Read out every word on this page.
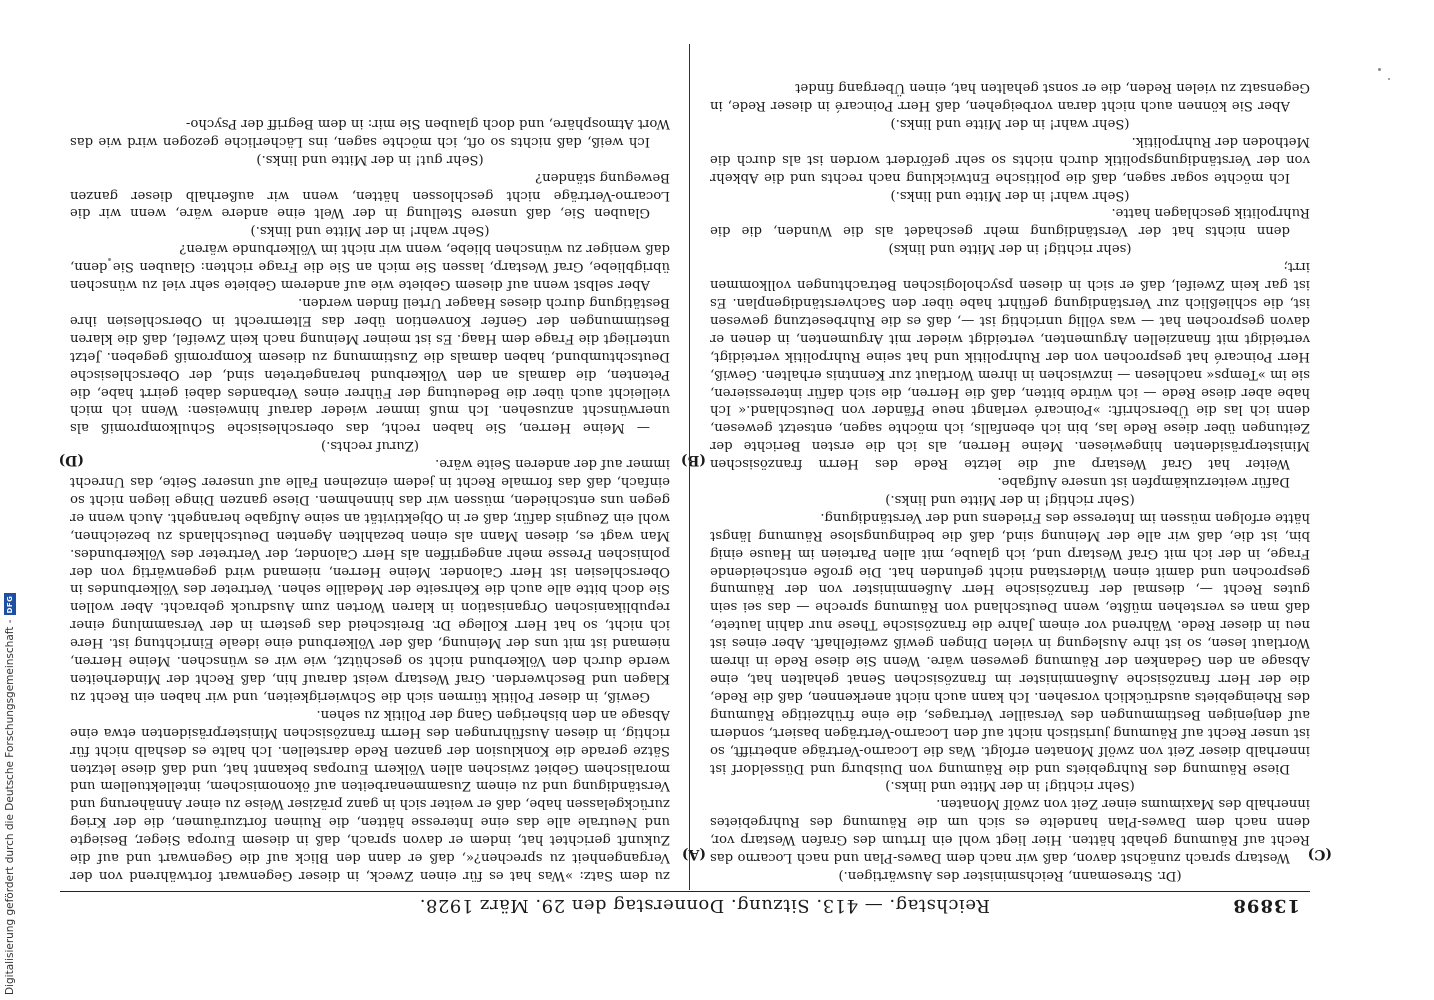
Digitalisierung gefördert durch die Deutsche Forschungsgemeinschaft -
DFG
13898
Reichstag. — 413. Sitzung. Donnerstag den 29. März 1928.
(A)
(B)
(C)
(D)

(Dr. Stresemann, Reichsminister des Auswärtigen.)

Westarp sprach zunächst davon, daß wir nach dem Dawes-Plan und nach Locarno das Recht auf Räumung gehabt hätten. Hier liegt wohl ein Irrtum des Grafen Westarp vor, denn nach dem Dawes-Plan handelte es sich um die Räumung des Ruhrgebietes innerhalb des Maximums einer Zeit von zwölf Monaten.

(Sehr richtig! in der Mitte und links.)

Diese Räumung des Ruhrgebiets und die Räumung von Duisburg und Düsseldorf ist innerhalb dieser Zeit von zwölf Monaten erfolgt. Was die Locarno-Verträge anbetrifft, so ist unser Recht auf Räumung juristisch nicht auf den Locarno-Verträgen basiert, sondern auf denjenigen Bestimmungen des Versailler Vertrages, die eine frühzeitige Räumung des Rheingebiets ausdrücklich vorsehen. Ich kann auch nicht anerkennen, daß die Rede, die der Herr französische Außenminister im französischen Senat gehalten hat, eine Absage an den Gedanken der Räumung gewesen wäre. Wenn Sie diese Rede in ihrem Wortlaut lesen, so ist ihre Auslegung in vielen Dingen gewiß zweifelhaft. Aber eines ist neu in dieser Rede. Während vor einem Jahre die französische These nur dahin lautete, daß man es verstehen müßte, wenn Deutschland von Räumung spreche — das sei sein gutes Recht —, diesmal der französische Herr Außenminister von der Räumung gesprochen und damit einen Widerstand nicht gefunden hat. Die große entscheidende Frage, in der ich mit Graf Westarp und, ich glaube, mit allen Parteien im Hause einig bin, ist die, daß wir alle der Meinung sind, daß die bedingungslose Räumung längst hätte erfolgen müssen im Interesse des Friedens und der Verständigung.

(Sehr richtig! in der Mitte und links.)

Dafür weiterzukämpfen ist unsere Aufgabe.

Weiter hat Graf Westarp auf die letzte Rede des Herrn französischen Ministerpräsidenten hingewiesen. Meine Herren, als ich die ersten Berichte der Zeitungen über diese Rede las, bin ich ebenfalls, ich möchte sagen, entsetzt gewesen, denn ich las die Überschrift: »Poincaré verlangt neue Pfänder von Deutschland.« Ich habe aber diese Rede — ich würde bitten, daß die Herren, die sich dafür interessieren, sie im »Temps« nachlesen — inzwischen in ihrem Wortlaut zur Kenntnis erhalten. Gewiß, Herr Poincaré hat gesprochen von der Ruhrpolitik und hat seine Ruhrpolitik verteidigt, verteidigt mit finanziellen Argumenten, verteidigt wieder mit Argumenten, in denen er davon gesprochen hat — was völlig unrichtig ist —, daß es die Ruhrbesetzung gewesen ist, die schließlich zur Verständigung geführt habe über den Sachverständigenplan. Es ist gar kein Zweifel, daß er sich in diesen psychologischen Betrachtungen vollkommen irrt;

(sehr richtig! in der Mitte und links)

denn nichts hat der Verständigung mehr geschadet als die Wunden, die die Ruhrpolitik geschlagen hatte.

(Sehr wahr! in der Mitte und links.)

Ich möchte sogar sagen, daß die politische Entwicklung nach rechts und die Abkehr von der Verständigungspolitik durch nichts so sehr gefördert worden ist als durch die Methoden der Ruhrpolitik.

(Sehr wahr! in der Mitte und links.)

Aber Sie können auch nicht daran vorbeigehen, daß Herr Poincaré in dieser Rede, in Gegensatz zu vielen Reden, die er sonst gehalten hat, einen Übergang findet

zu dem Satz: »Was hat es für einen Zweck, in dieser Gegenwart fortwährend von der Vergangenheit zu sprechen?«, daß er dann den Blick auf die Gegenwart und auf die Zukunft gerichtet hat, indem er davon sprach, daß in diesem Europa Sieger, Besiegte und Neutrale alle das eine Interesse hätten, die Ruinen fortzuräumen, die der Krieg zurückgelassen habe, daß er weiter sich in ganz präziser Weise zu einer Annäherung und Verständigung und zu einem Zusammenarbeiten auf ökonomischem, intellektuellem und moralischem Gebiet zwischen allen Völkern Europas bekannt hat, und daß diese letzten Sätze gerade die Konklusion der ganzen Rede darstellen. Ich halte es deshalb nicht für richtig, in diesen Ausführungen des Herrn französischen Ministerpräsidenten etwa eine Absage an den bisherigen Gang der Politik zu sehen.

Gewiß, in dieser Politik türmen sich die Schwierigkeiten, und wir haben ein Recht zu Klagen und Beschwerden. Graf Westarp weist darauf hin, daß Recht der Minderheiten werde durch den Völkerbund nicht so geschützt, wie wir es wünschen. Meine Herren, niemand ist mit uns der Meinung, daß der Völkerbund eine ideale Einrichtung ist. Here ich nicht, so hat Herr Kollege Dr. Breitscheid das gestern in der Versammlung einer republikanischen Organisation in klaren Worten zum Ausdruck gebracht. Aber wollen Sie doch bitte alle auch die Kehrseite der Medaille sehen. Vertreter des Völkerbundes in Oberschlesien ist Herr Calonder. Meine Herren, niemand wird gegenwärtig von der polnischen Presse mehr angegriffen als Herr Calonder, der Vertreter des Völkerbundes. Man wagt es, diesen Mann als einen bezahlten Agenten Deutschlands zu bezeichnen, wohl ein Zeugnis dafür, daß er in Objektivität an seine Aufgabe herangeht. Auch wenn er gegen uns entschieden, müssen wir das hinnehmen. Diese ganzen Dinge liegen nicht so einfach, daß das formale Recht in jedem einzelnen Falle auf unserer Seite, das Unrecht immer auf der anderen Seite wäre.

(Zuruf rechts.)

— Meine Herren, Sie haben recht, das oberschlesische Schulkompromiß als unerwünscht anzusehen. Ich muß immer wieder darauf hinweisen: Wenn ich mich vielleicht auch über die Bedeutung der Führer eines Verbandes dabei geirrt habe, die Petenten, die damals an den Völkerbund herangetreten sind, der Oberschlesische Deutschtumbund, haben damals die Zustimmung zu diesem Kompromiß gegeben. Jetzt unterliegt die Frage dem Haag. Es ist meiner Meinung nach kein Zweifel, daß die klaren Bestimmungen der Genfer Konvention über das Elternrecht in Oberschlesien ihre Bestätigung durch dieses Haager Urteil finden werden.

Aber selbst wenn auf diesem Gebiete wie auf anderem Gebiete sehr viel zu wünschen übrigbliebe, Graf Westarp, lassen Sie mich an Sie die Frage richten: Glauben Sie denn, daß weniger zu wünschen bliebe, wenn wir nicht im Völkerbunde wären?

(Sehr wahr! in der Mitte und links.)

Glauben Sie, daß unsere Stellung in der Welt eine andere wäre, wenn wir die Locarno-Verträge nicht geschlossen hätten, wenn wir außerhalb dieser ganzen Bewegung ständen?

(Sehr gut! in der Mitte und links.)

Ich weiß, daß nichts so oft, ich möchte sagen, ins Lächerliche gezogen wird wie das Wort Atmosphäre, und doch glauben Sie mir: in dem Begriff der Psycho-
